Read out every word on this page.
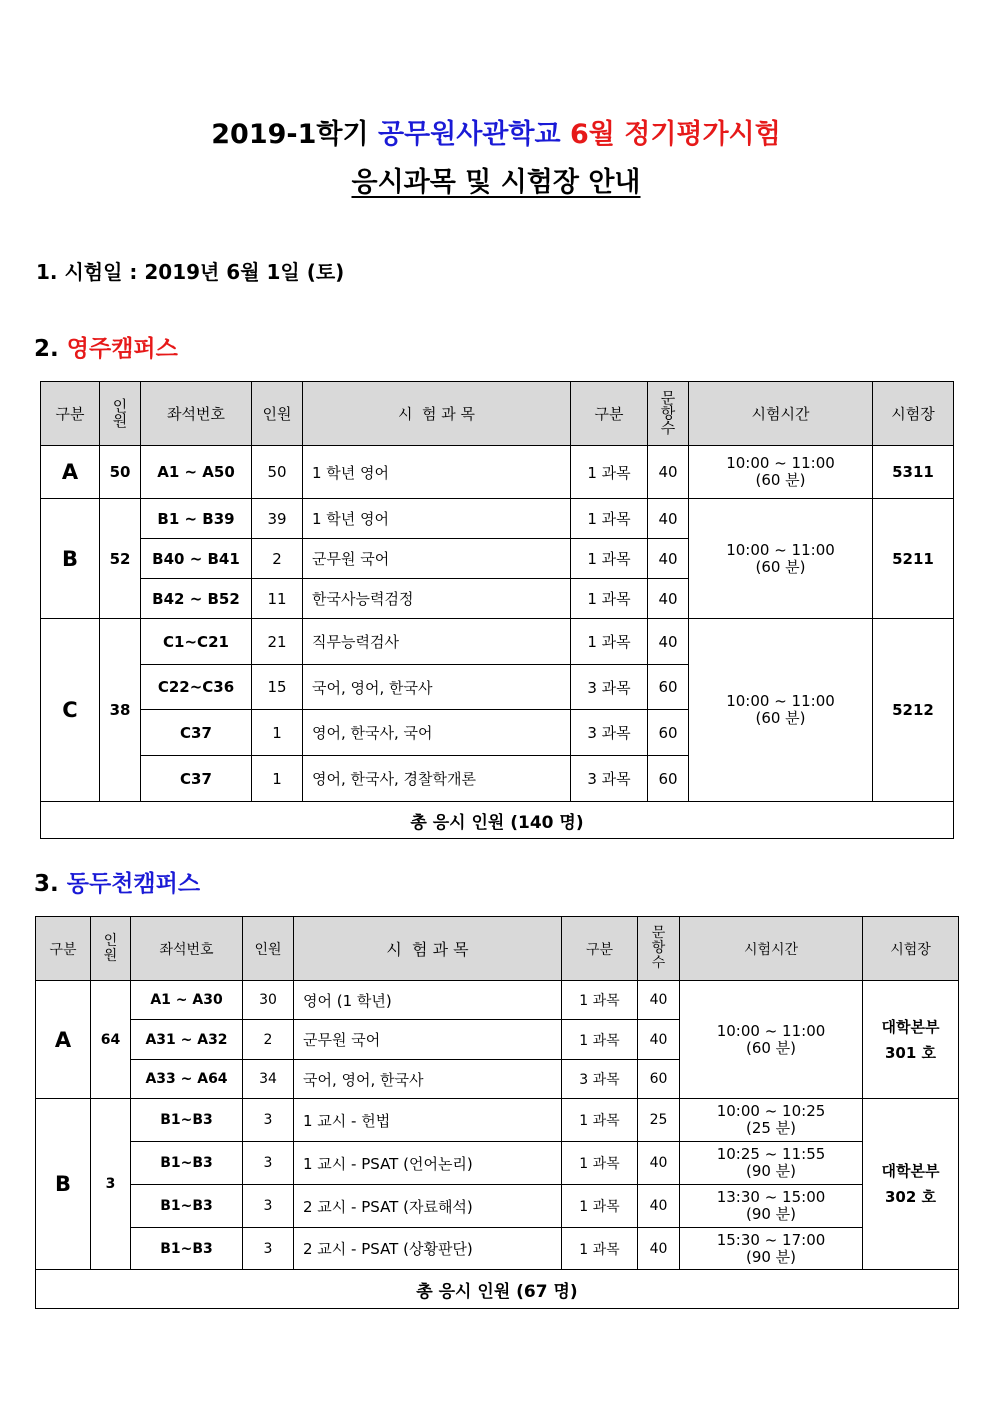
2019-1학기 공무원사관학교 6월 정기평가시험
응시과목 및 시험장 안내
1. 시험일 : 2019년 6월 1일 (토)
2. 영주캠퍼스
3. 동두천캠퍼스
구분	인
원	좌석번호	인원	시  험 과 목	구분	문
항
수	시험시간	시험장
A	50	A1 ~ A50	50	1 학년 영어	1 과목	40	10:00 ~ 11:00
(60 분)	5311
B	52	B1 ~ B39	39	1 학년 영어	1 과목	40	10:00 ~ 11:00
(60 분)	5211
		B40 ~ B41	2	군무원 국어	1 과목	40		
		B42 ~ B52	11	한국사능력검정	1 과목	40		
C	38	C1~C21	21	직무능력검사	1 과목	40	10:00 ~ 11:00
(60 분)	5212
		C22~C36	15	국어, 영어, 한국사	3 과목	60		
		C37	1	영어, 한국사, 국어	3 과목	60		
		C37	1	영어, 한국사, 경찰학개론	3 과목	60		
총 응시 인원 (140 명)								
구분	인
원	좌석번호	인원	시  험 과 목	구분	문
항
수	시험시간	시험장
A	64	A1 ~ A30	30	영어 (1 학년)	1 과목	40	10:00 ~ 11:00
(60 분)	대학본부
301 호
		A31 ~ A32	2	군무원 국어	1 과목	40		
		A33 ~ A64	34	국어, 영어, 한국사	3 과목	60		
B	3	B1~B3	3	1 교시 - 헌법	1 과목	25	10:00 ~ 10:25
(25 분)	대학본부
302 호
		B1~B3	3	1 교시 - PSAT (언어논리)	1 과목	40	10:25 ~ 11:55
(90 분)	
		B1~B3	3	2 교시 - PSAT (자료해석)	1 과목	40	13:30 ~ 15:00
(90 분)	
		B1~B3	3	2 교시 - PSAT (상황판단)	1 과목	40	15:30 ~ 17:00
(90 분)	
총 응시 인원 (67 명)								
